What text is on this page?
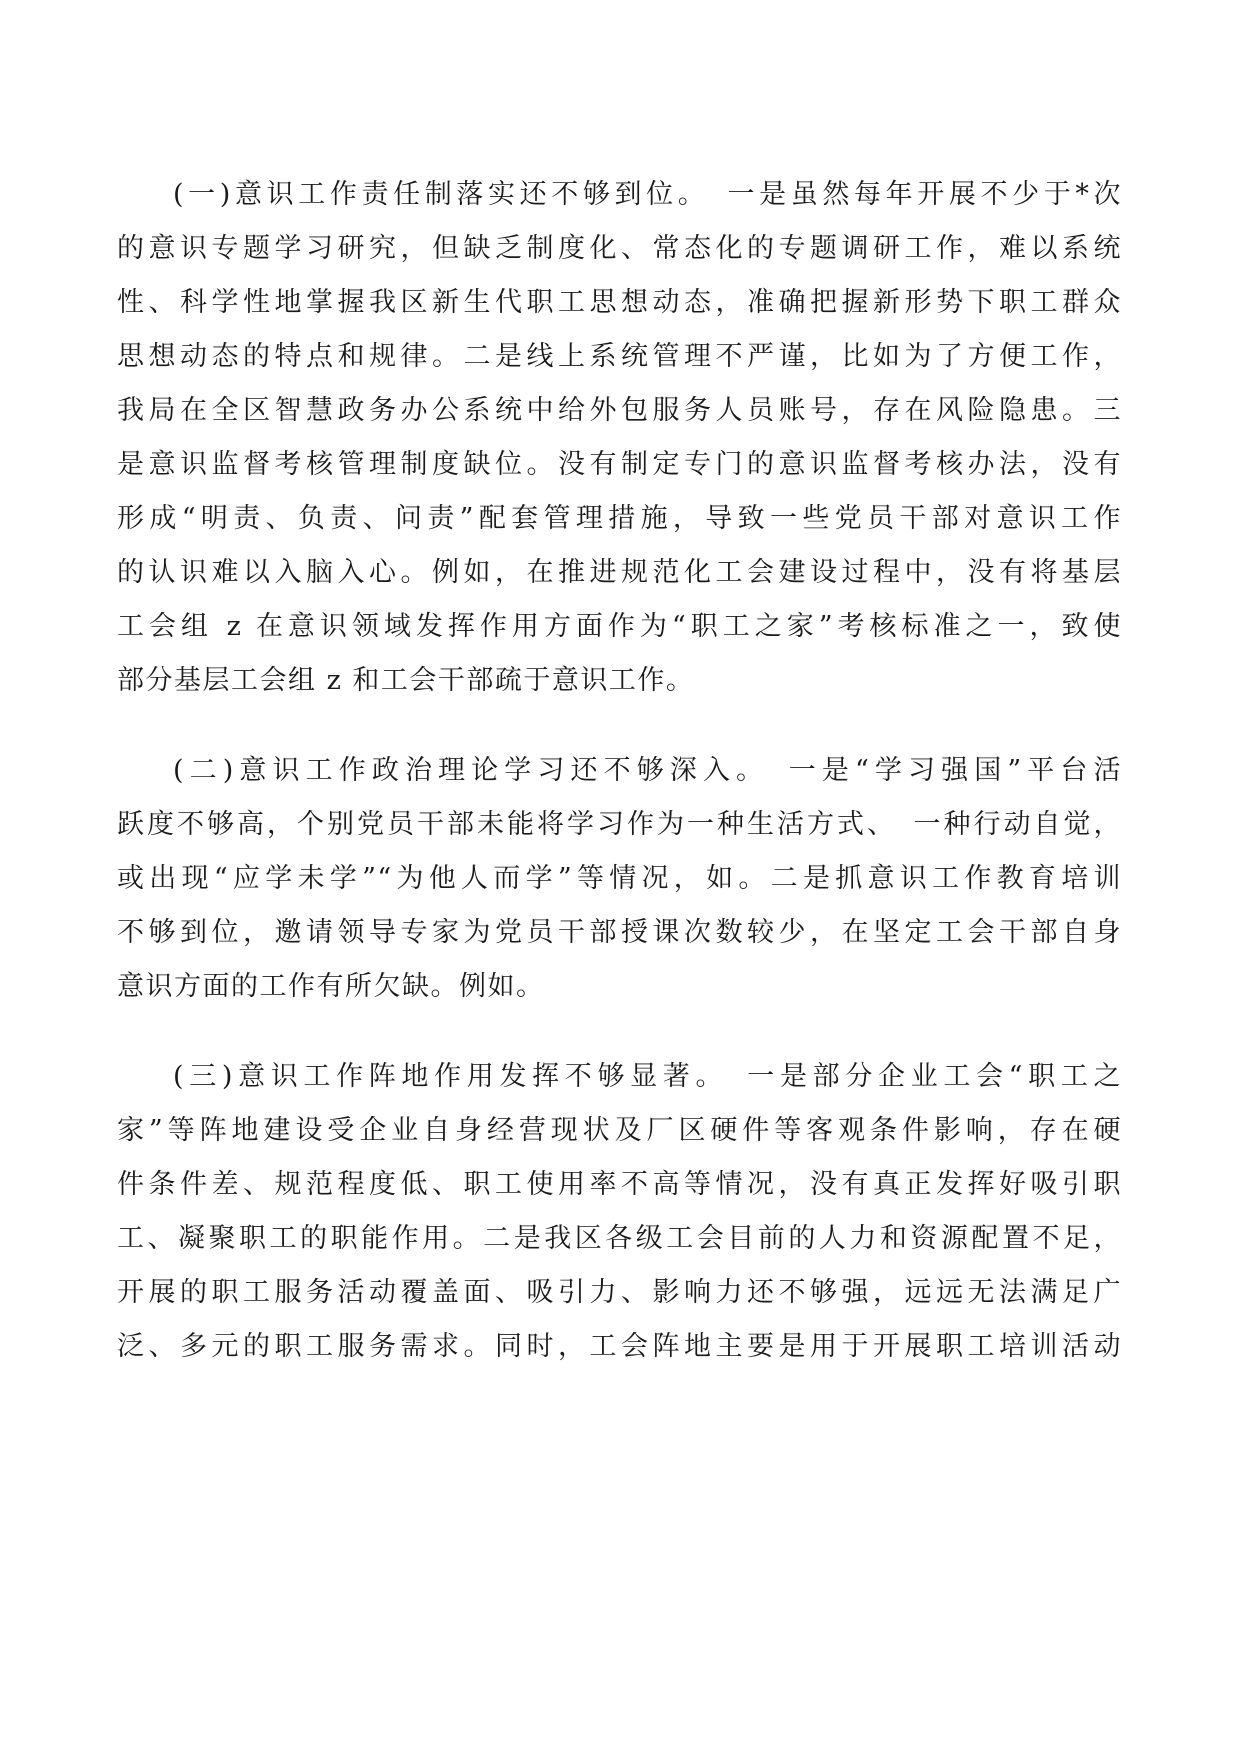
(一)意识工作责任制落实还不够到位。　一是虽然每年开展不少于*次
的意识专题学习研究，但缺乏制度化、常态化的专题调研工作，难以系统
性、科学性地掌握我区新生代职工思想动态，准确把握新形势下职工群众
思想动态的特点和规律。二是线上系统管理不严谨，比如为了方便工作，
我局在全区智慧政务办公系统中给外包服务人员账号，存在风险隐患。三
是意识监督考核管理制度缺位。没有制定专门的意识监督考核办法，没有
形成“明责、负责、问责”配套管理措施，导致一些党员干部对意识工作
的认识难以入脑入心。例如，在推进规范化工会建设过程中，没有将基层
工会组 z 在意识领域发挥作用方面作为“职工之家”考核标准之一，致使
部分基层工会组 z 和工会干部疏于意识工作。
(二)意识工作政治理论学习还不够深入。　一是“学习强国”平台活
跃度不够高，个别党员干部未能将学习作为一种生活方式、　一种行动自觉，
或出现“应学未学”“为他人而学”等情况，如。二是抓意识工作教育培训
不够到位，邀请领导专家为党员干部授课次数较少，在坚定工会干部自身
意识方面的工作有所欠缺。例如。
(三)意识工作阵地作用发挥不够显著。　一是部分企业工会“职工之
家”等阵地建设受企业自身经营现状及厂区硬件等客观条件影响，存在硬
件条件差、规范程度低、职工使用率不高等情况，没有真正发挥好吸引职
工、凝聚职工的职能作用。二是我区各级工会目前的人力和资源配置不足，
开展的职工服务活动覆盖面、吸引力、影响力还不够强，远远无法满足广
泛、多元的职工服务需求。同时，工会阵地主要是用于开展职工培训活动
